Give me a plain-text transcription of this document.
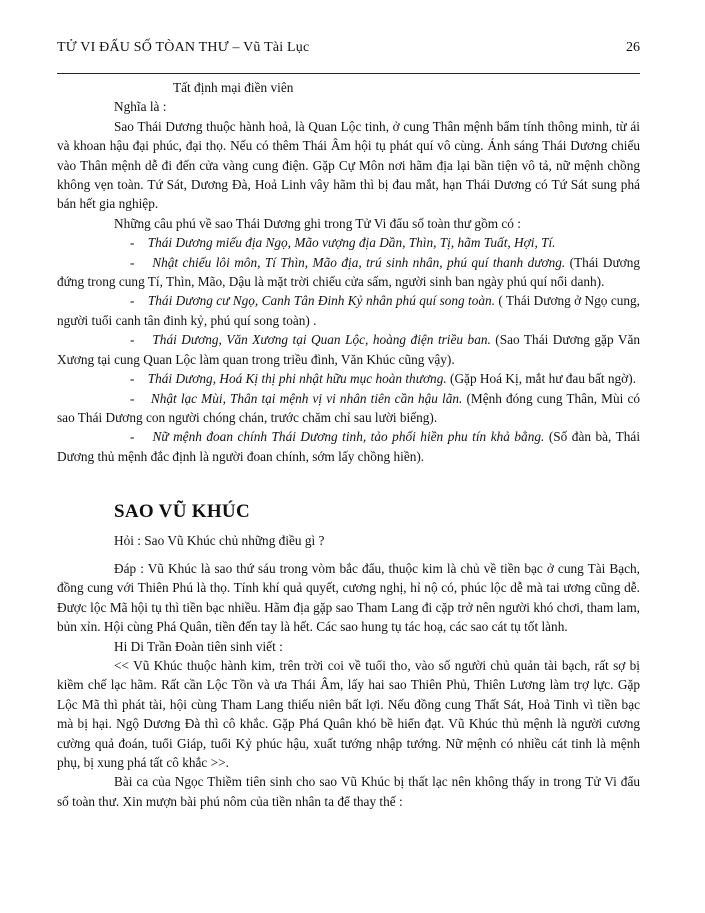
TỬ VI ĐẨU SỐ TÒAN THƯ – Vũ Tài Lục	26

Tất định mại điền viên

Nghĩa là :

Sao Thái Dương thuộc hành hoả, là Quan Lộc tinh, ở cung Thân mệnh bẩm tính thông minh, từ ái và khoan hậu đại phúc, đại thọ. Nếu có thêm Thái Âm hội tụ phát quí vô cùng. Ánh sáng Thái Dương chiếu vào Thân mệnh dễ đi đến cửa vàng cung điện. Gặp Cự Môn nơi hãm địa lại bần tiện vô tả, nữ mệnh chồng không vẹn toàn. Tứ Sát, Dương Đà, Hoả Linh vây hãm thì bị đau mắt, hạn Thái Dương có Tứ Sát sung phá bán hết gia nghiệp.

Những câu phú về sao Thái Dương ghi trong Tử Vi đẩu số toàn thư gồm có :

- Thái Dương miếu địa Ngọ, Mão vượng địa Dần, Thìn, Tị, hãm Tuất, Hợi, Tí.

- Nhật chiếu lôi môn, Tí Thìn, Mão địa, trú sinh nhân, phú quí thanh dương. (Thái Dương đứng trong cung Tí, Thìn, Mão, Dậu là mặt trời chiếu cửa sấm, người sinh ban ngày phú quí nổi danh).

- Thái Dương cư Ngọ, Canh Tân Đinh Kỷ nhân phú quí song toàn. ( Thái Dương ở Ngọ cung, người tuổi canh tân đinh kỷ, phú quí song toàn) .

- Thái Dương, Văn Xương tại Quan Lộc, hoàng điện triều ban. (Sao Thái Dương gặp Văn Xương tại cung Quan Lộc làm quan trong triều đình, Văn Khúc cũng vậy).

- Thái Dương, Hoá Kị thị phi nhật hữu mục hoàn thương. (Gặp Hoá Kị, mắt hư đau bất ngờ).

- Nhật lạc Mùi, Thân tại mệnh vị vi nhân tiên cần hậu lãn. (Mệnh đóng cung Thân, Mùi có sao Thái Dương con người chóng chán, trước chăm chỉ sau lười biếng).

- Nữ mệnh đoan chính Thái Dương tinh, tảo phối hiền phu tín khả bằng. (Số đàn bà, Thái Dương thủ mệnh đắc định là người đoan chính, sớm lấy chồng hiền).

SAO VŨ KHÚC

Hỏi : Sao Vũ Khúc chủ những điều gì ?

Đáp : Vũ Khúc là sao thứ sáu trong vòm bắc đẩu, thuộc kim là chủ về tiền bạc ở cung Tài Bạch, đồng cung với Thiên Phú là thọ. Tính khí quả quyết, cương nghị, hỉ nộ có, phúc lộc dễ mà tai ương cũng dễ. Được lộc Mã hội tụ thì tiền bạc nhiều. Hãm địa gặp sao Tham Lang đi cặp trở nên người khó chơi, tham lam, bủn xỉn. Hội cùng Phá Quân, tiền đến tay là hết. Các sao hung tụ tác hoạ, các sao cát tụ tốt lành.

Hi Di Trần Đoàn tiên sinh viết :

<< Vũ Khúc thuộc hành kim, trên trời coi về tuổi tho, vào số người chủ quản tài bạch, rất sợ bị kiềm chế lạc hãm. Rất cần Lộc Tồn và ưa Thái Âm, lấy hai sao Thiên Phủ, Thiên Lương làm trợ lực. Gặp Lộc Mã thì phát tài, hội cùng Tham Lang thiếu niên bất lợi. Nếu đồng cung Thất Sát, Hoả Tinh vì tiền bạc mà bị hại. Ngộ Dương Đà thì cô khắc. Gặp Phá Quân khó bề hiển đạt. Vũ Khúc thủ mệnh là người cương cường quả đoán, tuổi Giáp, tuổi Kỷ phúc hậu, xuất tướng nhập tướng. Nữ mệnh có nhiều cát tinh là mệnh phụ, bị xung phá tất cô khắc >>.

Bài ca của Ngọc Thiềm tiên sinh cho sao Vũ Khúc bị thất lạc nên không thấy in trong Tử Vi đẩu số toàn thư. Xin mượn bài phú nôm của tiền nhân ta để thay thế :
